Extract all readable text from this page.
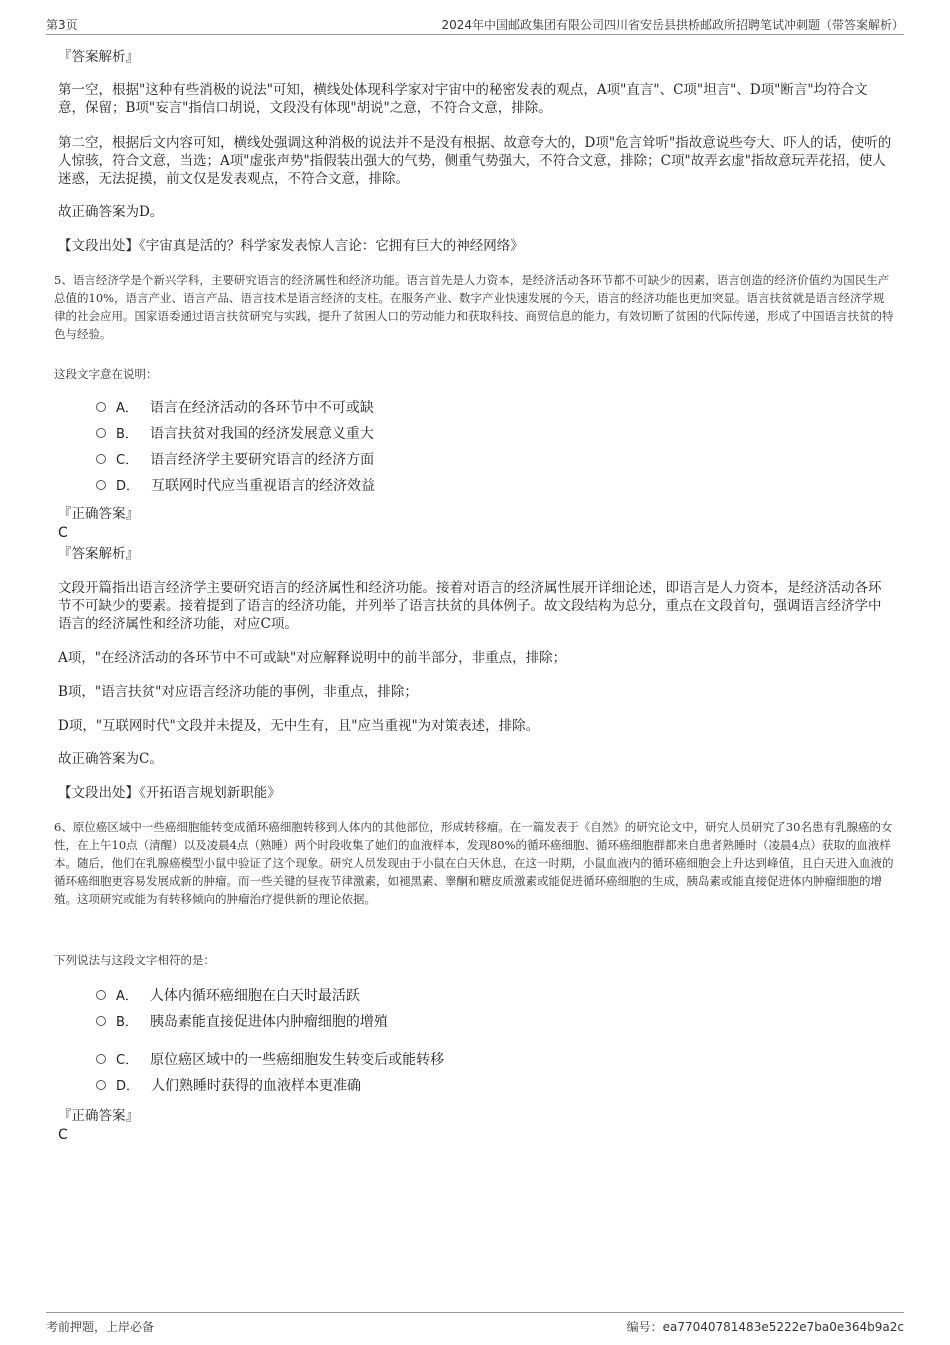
第3页	2024年中国邮政集团有限公司四川省安岳县拱桥邮政所招聘笔试冲刺题（带答案解析）
『答案解析』
第一空，根据"这种有些消极的说法"可知，横线处体现科学家对宇宙中的秘密发表的观点，A项"直言"、C项"坦言"、D项"断言"均符合文意，保留；B项"妄言"指信口胡说，文段没有体现"胡说"之意，不符合文意，排除。
第二空，根据后文内容可知，横线处强调这种消极的说法并不是没有根据、故意夸大的，D项"危言耸听"指故意说些夸大、吓人的话，使听的人惊骇，符合文意，当选；A项"虚张声势"指假装出强大的气势，侧重气势强大，不符合文意，排除；C项"故弄玄虚"指故意玩弄花招，使人迷惑，无法捉摸，前文仅是发表观点，不符合文意，排除。
故正确答案为D。
【文段出处】《宇宙真是活的？科学家发表惊人言论：它拥有巨大的神经网络》
5、语言经济学是个新兴学科，主要研究语言的经济属性和经济功能。语言首先是人力资本，是经济活动各环节都不可缺少的因素，语言创造的经济价值约为国民生产总值的10%，语言产业、语言产品、语言技术是语言经济的支柱。在服务产业、数字产业快速发展的今天，语言的经济功能也更加突显。语言扶贫就是语言经济学规律的社会应用。国家语委通过语言扶贫研究与实践，提升了贫困人口的劳动能力和获取科技、商贸信息的能力，有效切断了贫困的代际传递，形成了中国语言扶贫的特色与经验。
这段文字意在说明：
A． 语言在经济活动的各环节中不可或缺
B． 语言扶贫对我国的经济发展意义重大
C． 语言经济学主要研究语言的经济方面
D． 互联网时代应当重视语言的经济效益
『正确答案』
C
『答案解析』
文段开篇指出语言经济学主要研究语言的经济属性和经济功能。接着对语言的经济属性展开详细论述，即语言是人力资本，是经济活动各环节不可缺少的要素。接着提到了语言的经济功能，并列举了语言扶贫的具体例子。故文段结构为总分，重点在文段首句，强调语言经济学中语言的经济属性和经济功能，对应C项。
A项，"在经济活动的各环节中不可或缺"对应解释说明中的前半部分，非重点，排除；
B项，"语言扶贫"对应语言经济功能的事例，非重点，排除；
D项，"互联网时代"文段并未提及，无中生有，且"应当重视"为对策表述，排除。
故正确答案为C。
【文段出处】《开拓语言规划新职能》
6、原位癌区域中一些癌细胞能转变成循环癌细胞转移到人体内的其他部位，形成转移瘤。在一篇发表于《自然》的研究论文中，研究人员研究了30名患有乳腺癌的女性，在上午10点（清醒）以及凌晨4点（熟睡）两个时段收集了她们的血液样本，发现80%的循环癌细胞、循环癌细胞群都来自患者熟睡时（凌晨4点）获取的血液样本。随后，他们在乳腺癌模型小鼠中验证了这个现象。研究人员发现由于小鼠在白天休息，在这一时期，小鼠血液内的循环癌细胞会上升达到峰值，且白天进入血液的循环癌细胞更容易发展成新的肿瘤。而一些关键的昼夜节律激素，如褪黑素、睾酮和糖皮质激素或能促进循环癌细胞的生成，胰岛素或能直接促进体内肿瘤细胞的增殖。这项研究或能为有转移倾向的肿瘤治疗提供新的理论依据。
下列说法与这段文字相符的是：
A． 人体内循环癌细胞在白天时最活跃
B． 胰岛素能直接促进体内肿瘤细胞的增殖
C． 原位癌区域中的一些癌细胞发生转变后或能转移
D． 人们熟睡时获得的血液样本更准确
『正确答案』
C
考前押题，上岸必备	编号：ea77040781483e5222e7ba0e364b9a2c
